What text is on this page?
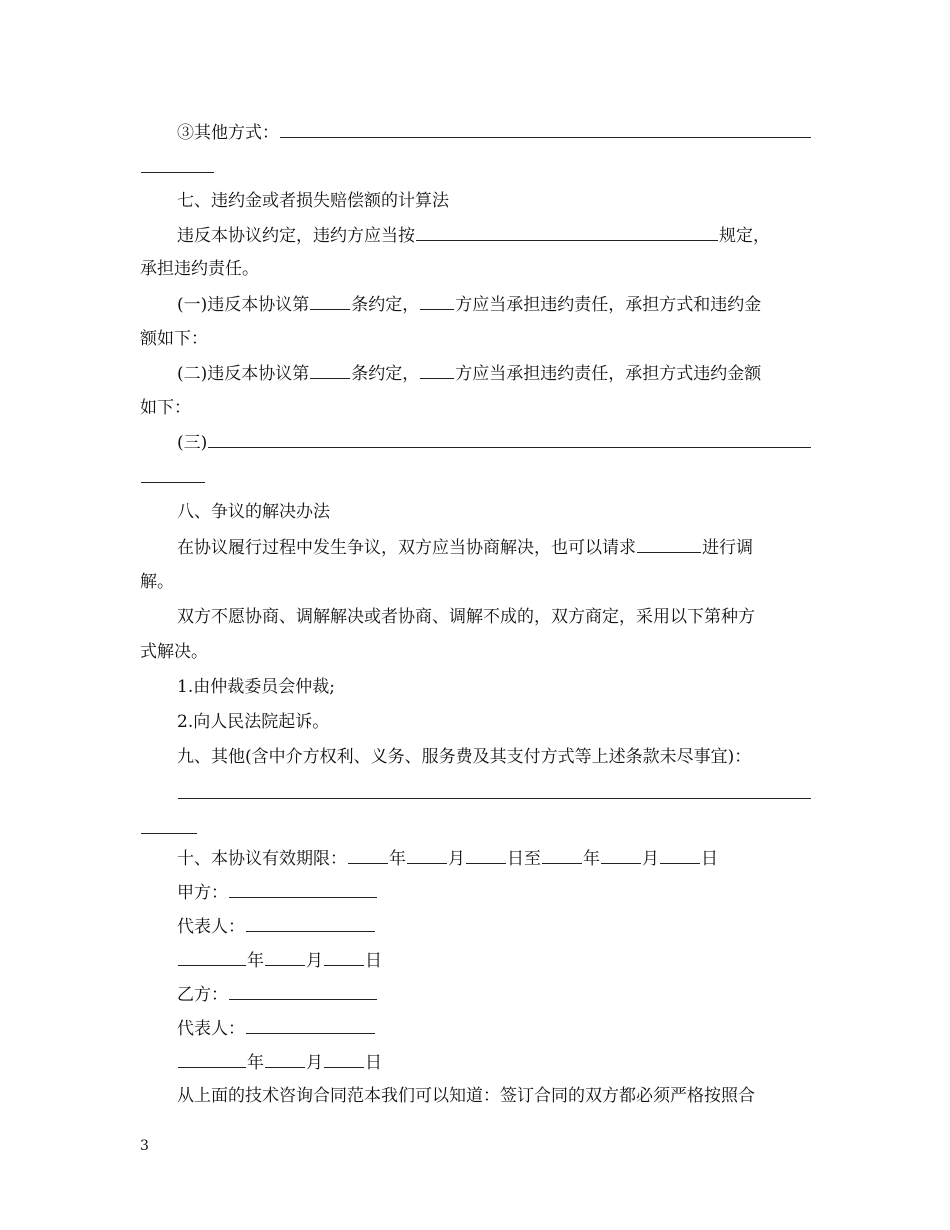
③其他方式：
七、违约金或者损失赔偿额的计算法
违反本协议约定，违约方应当按	规定，
承担违约责任。
(一)违反本协议第 条约定， 方应当承担违约责任，承担方式和违约金
额如下：
(二)违反本协议第 条约定， 方应当承担违约责任，承担方式违约金额
如下：
(三)
八、争议的解决办法
在协议履行过程中发生争议，双方应当协商解决，也可以请求	进行调
解。
双方不愿协商、调解解决或者协商、调解不成的，双方商定，采用以下第种方
式解决。
1.由仲裁委员会仲裁;
2.向人民法院起诉。
九、其他(含中介方权利、义务、服务费及其支付方式等上述条款未尽事宜)：
十、本协议有效期限： 年 月 日至 年 月 日
甲方：
代表人：
年 月 日
乙方：
代表人：
年 月 日
从上面的技术咨询合同范本我们可以知道：签订合同的双方都必须严格按照合
3
